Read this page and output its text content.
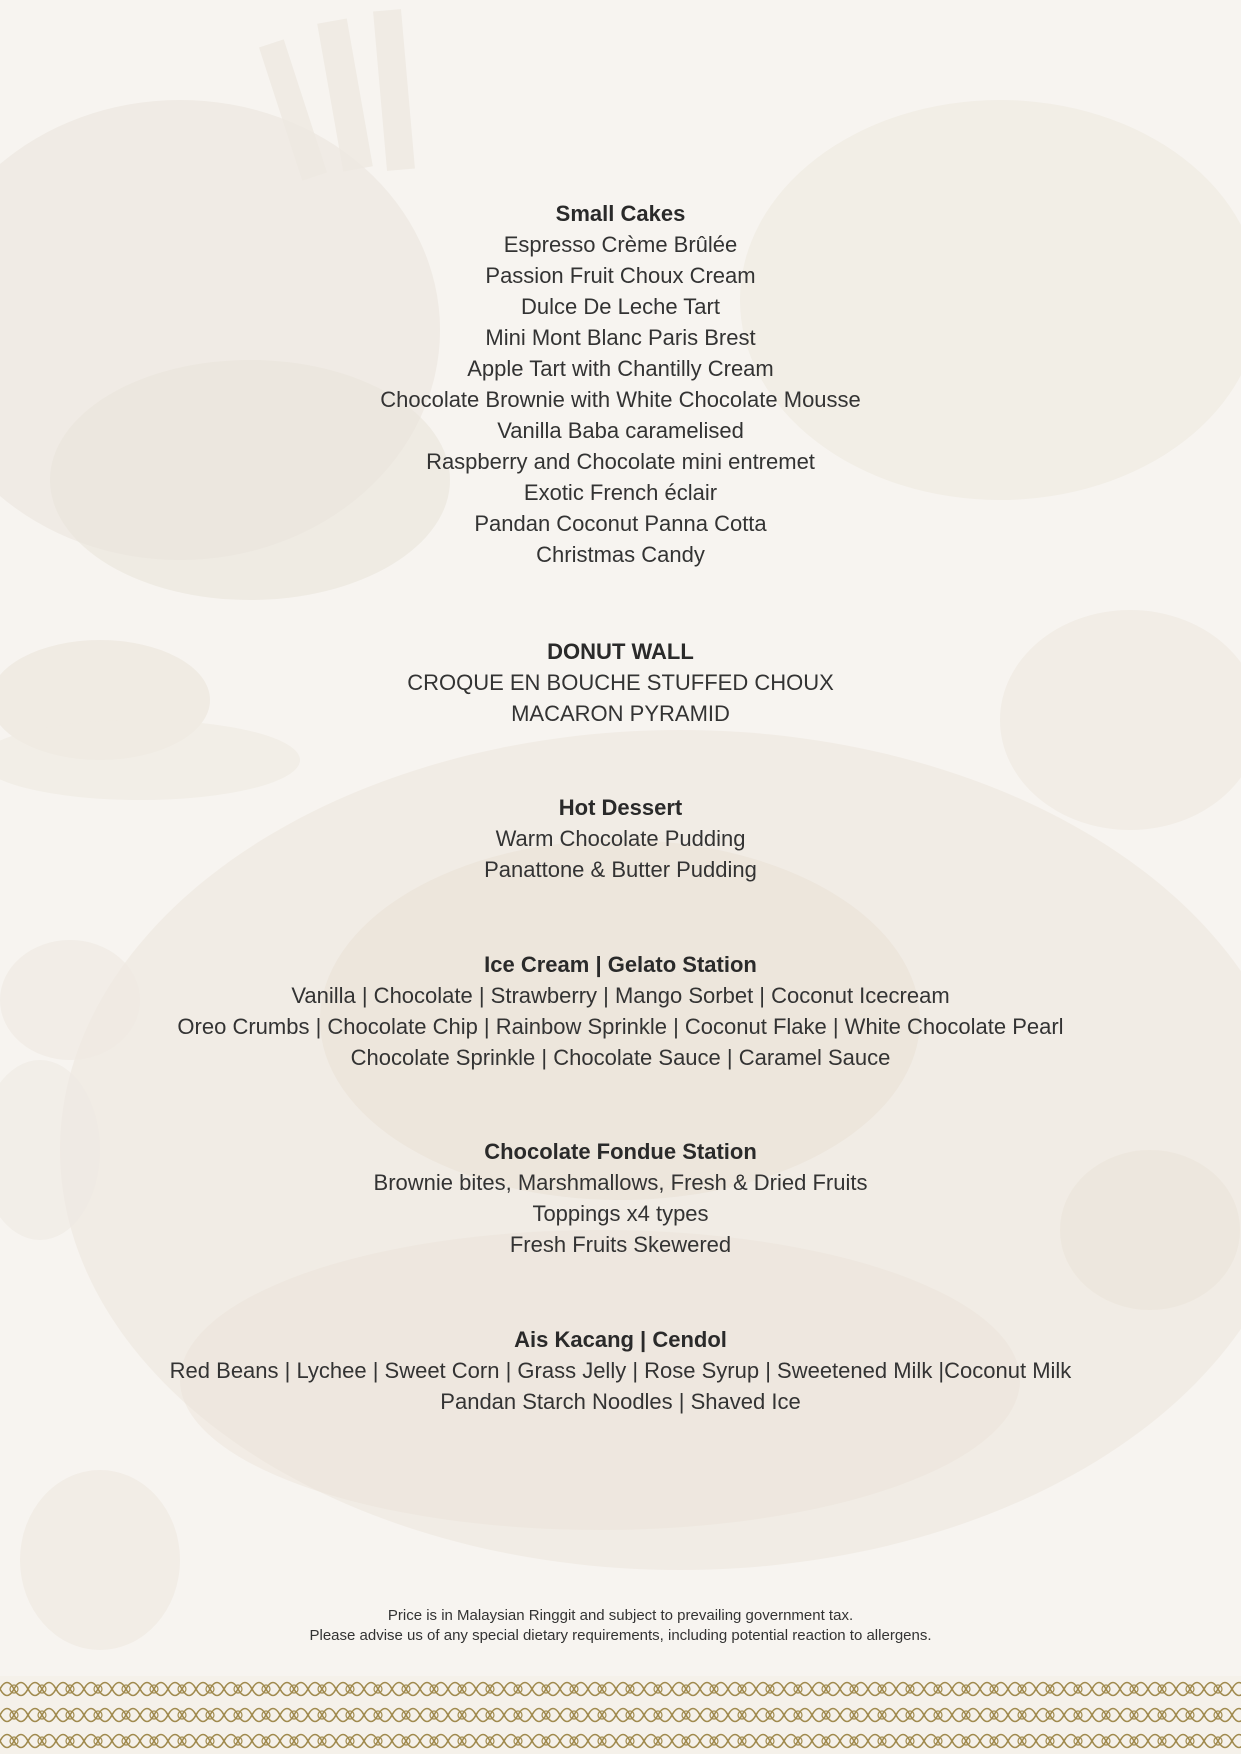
Small Cakes

Espresso Crème Brûlée

Passion Fruit Choux Cream

Dulce De Leche Tart

Mini Mont Blanc Paris Brest

Apple Tart with Chantilly Cream

Chocolate Brownie with White Chocolate Mousse

Vanilla Baba caramelised

Raspberry and Chocolate mini entremet

Exotic French éclair

Pandan Coconut Panna Cotta

Christmas Candy

DONUT WALL

CROQUE EN BOUCHE STUFFED CHOUX

MACARON PYRAMID

Hot Dessert

Warm Chocolate Pudding

Panattone & Butter Pudding

Ice Cream | Gelato Station

Vanilla | Chocolate | Strawberry | Mango Sorbet | Coconut Icecream

Oreo Crumbs | Chocolate Chip | Rainbow Sprinkle | Coconut Flake | White Chocolate Pearl

Chocolate Sprinkle | Chocolate Sauce | Caramel Sauce

Chocolate Fondue Station

Brownie bites, Marshmallows, Fresh & Dried Fruits

Toppings x4 types

Fresh Fruits Skewered

Ais Kacang | Cendol

Red Beans | Lychee | Sweet Corn | Grass Jelly | Rose Syrup | Sweetened Milk |Coconut Milk

Pandan Starch Noodles | Shaved Ice

Price is in Malaysian Ringgit and subject to prevailing government tax.
Please advise us of any special dietary requirements, including potential reaction to allergens.
